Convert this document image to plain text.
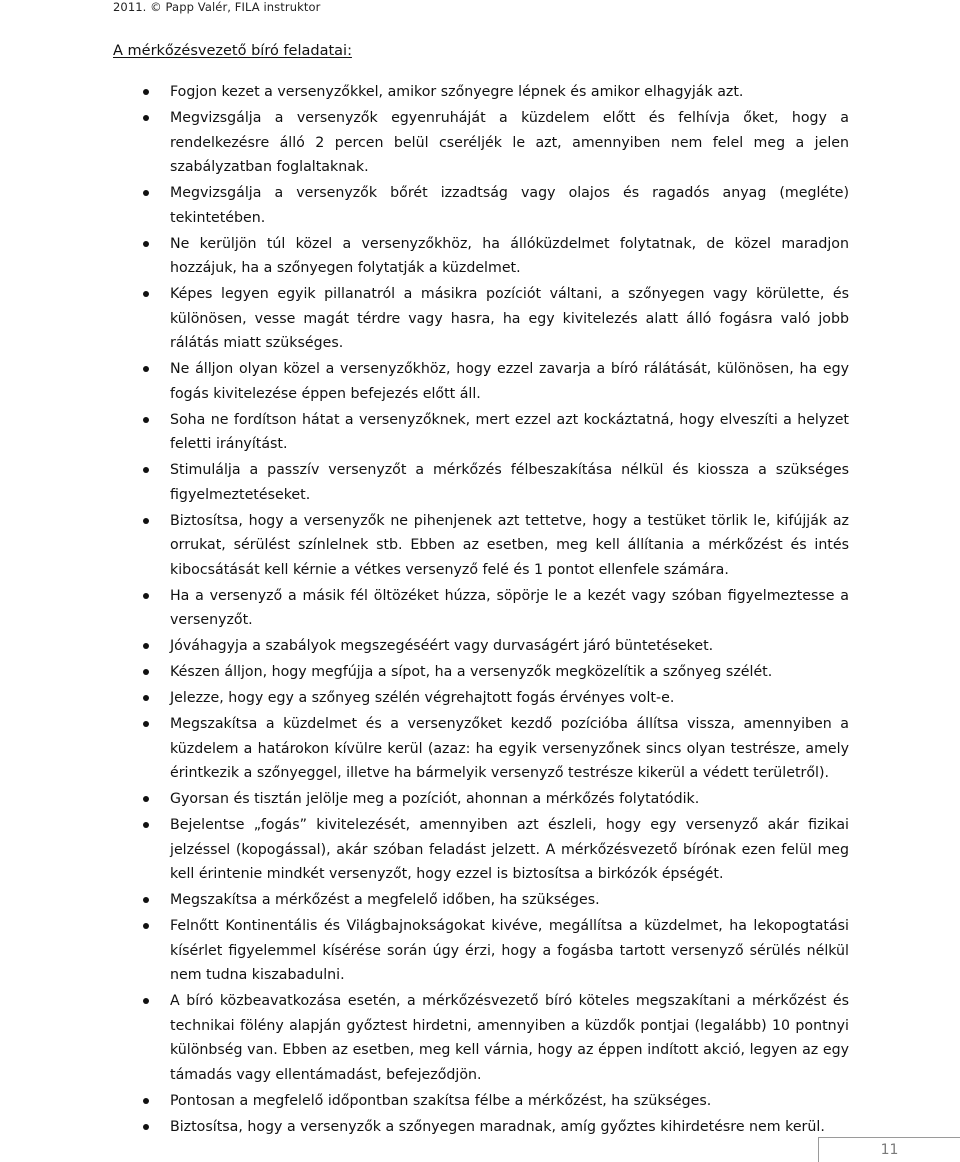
2011. © Papp Valér, FILA instruktor
A mérkőzésvezető bíró feladatai:
Fogjon kezet a versenyzőkkel, amikor szőnyegre lépnek és amikor elhagyják azt.
Megvizsgálja a versenyzők egyenruháját a küzdelem előtt és felhívja őket, hogy a rendelkezésre álló 2 percen belül cseréljék le azt, amennyiben nem felel meg a jelen szabályzatban foglaltaknak.
Megvizsgálja a versenyzők bőrét izzadtság vagy olajos és ragadós anyag (megléte) tekintetében.
Ne kerüljön túl közel a versenyzőkhöz, ha állóküzdelmet folytatnak, de közel maradjon hozzájuk, ha a szőnyegen folytatják a küzdelmet.
Képes legyen egyik pillanatról a másikra pozíciót váltani, a szőnyegen vagy körülette, és különösen, vesse magát térdre vagy hasra, ha egy kivitelezés alatt álló fogásra való jobb rálátás miatt szükséges.
Ne álljon olyan közel a versenyzőkhöz, hogy ezzel zavarja a bíró rálátását, különösen, ha egy fogás kivitelezése éppen befejezés előtt áll.
Soha ne fordítson hátat a versenyzőknek, mert ezzel azt kockáztatná, hogy elveszíti a helyzet feletti irányítást.
Stimulálja a passzív versenyzőt a mérkőzés félbeszakítása nélkül és kiossza a szükséges figyelmeztetéseket.
Biztosítsa, hogy a versenyzők ne pihenjenek azt tettetve, hogy a testüket törlik le, kifújják az orrukat, sérülést színlelnek stb. Ebben az esetben, meg kell állítania a mérkőzést és intés kibocsátását kell kérnie a vétkes versenyző felé és 1 pontot ellenfele számára.
Ha a versenyző a másik fél öltözéket húzza, söpörje le a kezét vagy szóban figyelmeztesse a versenyzőt.
Jóváhagyja a szabályok megszegéséért vagy durvaságért járó büntetéseket.
Készen álljon, hogy megfújja a sípot, ha a versenyzők megközelítik a szőnyeg szélét.
Jelezze, hogy egy a szőnyeg szélén végrehajtott fogás érvényes volt-e.
Megszakítsa a küzdelmet és a versenyzőket kezdő pozícióba állítsa vissza, amennyiben a küzdelem a határokon kívülre kerül (azaz: ha egyik versenyzőnek sincs olyan testrésze, amely érintkezik a szőnyeggel, illetve ha bármelyik versenyző testrésze kikerül a védett területről).
Gyorsan és tisztán jelölje meg a pozíciót, ahonnan a mérkőzés folytatódik.
Bejelentse „fogás” kivitelezését, amennyiben azt észleli, hogy egy versenyző akár fizikai jelzéssel (kopogással), akár szóban feladást jelzett. A mérkőzésvezető bírónak ezen felül meg kell érintenie mindkét versenyzőt, hogy ezzel is biztosítsa a birkózók épségét.
Megszakítsa a mérkőzést a megfelelő időben, ha szükséges.
Felnőtt Kontinentális és Világbajnokságokat kivéve, megállítsa a küzdelmet, ha lekopogtatási kísérlet figyelemmel kísérése során úgy érzi, hogy a fogásba tartott versenyző sérülés nélkül nem tudna kiszabadulni.
A bíró közbeavatkozása esetén, a mérkőzésvezető bíró köteles megszakítani a mérkőzést és technikai fölény alapján győztest hirdetni, amennyiben a küzdők pontjai (legalább) 10 pontnyi különbség van. Ebben az esetben, meg kell várnia, hogy az éppen indított akció, legyen az egy támadás vagy ellentámadást, befejeződjön.
Pontosan a megfelelő időpontban szakítsa félbe a mérkőzést, ha szükséges.
Biztosítsa, hogy a versenyzők a szőnyegen maradnak, amíg győztes kihirdetésre nem kerül.
11
